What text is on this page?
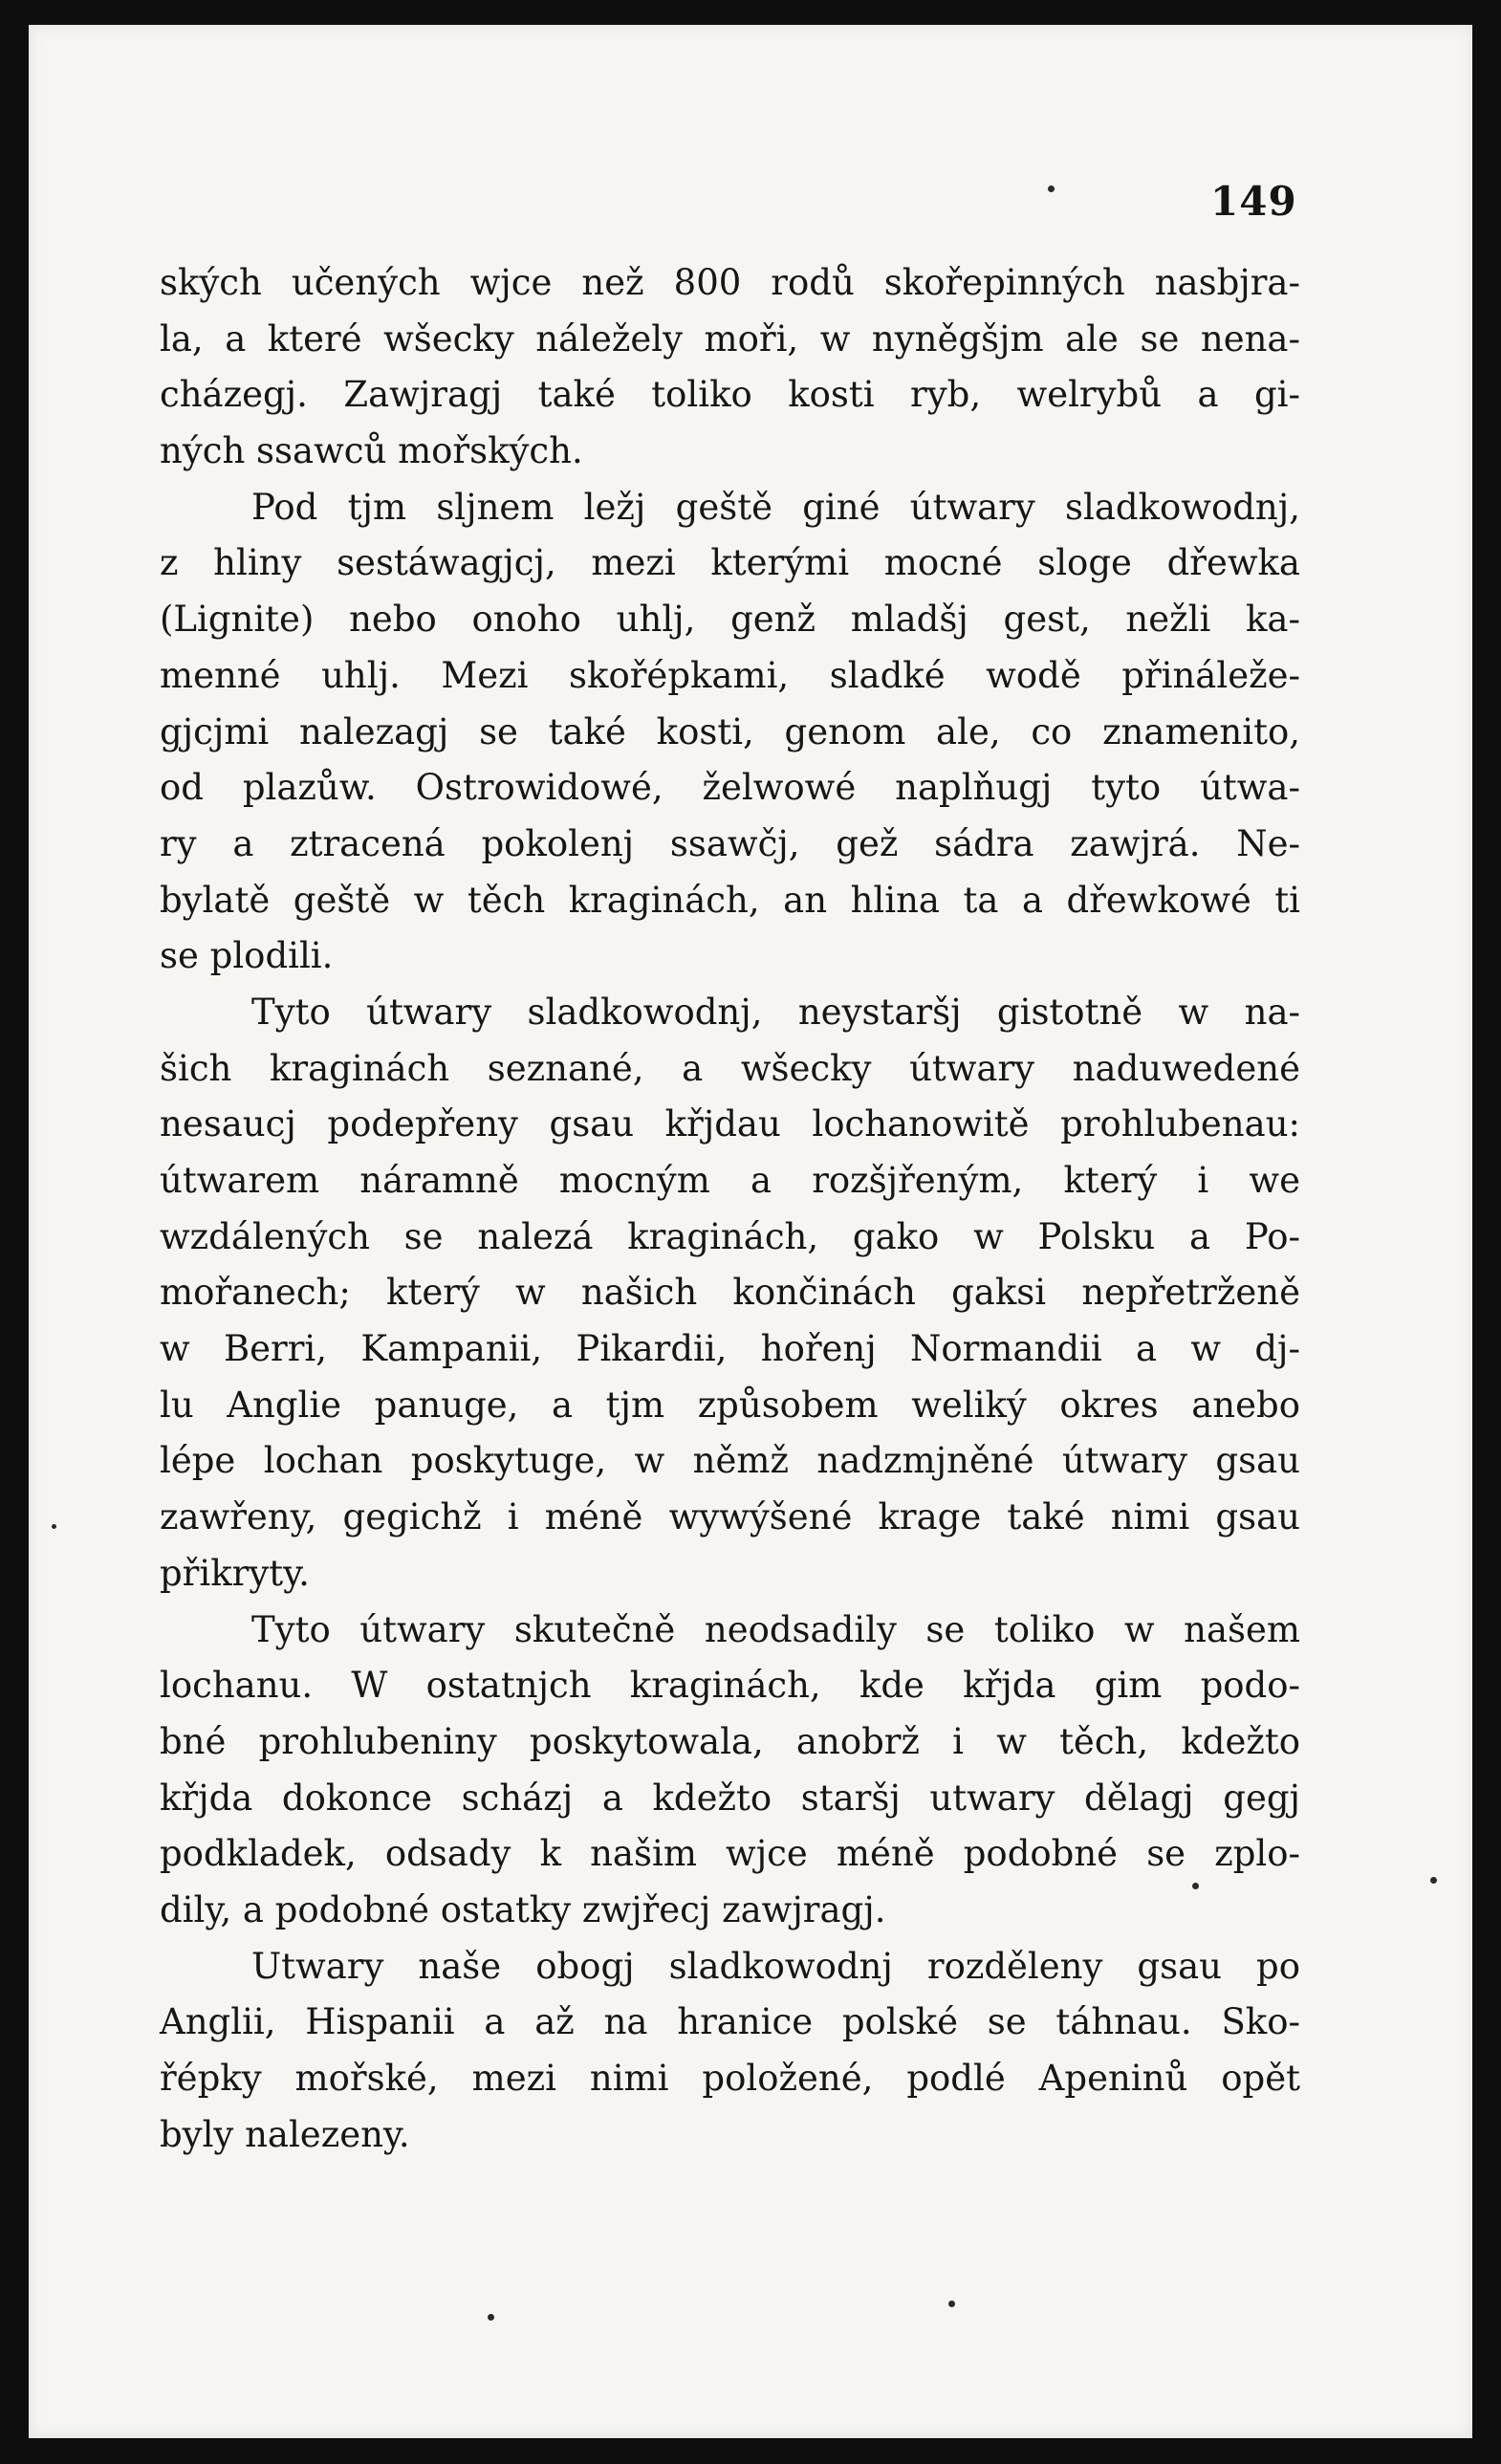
149
ských učených wjce než 800 rodů skořepinných nasbjra-
la, a které wšecky náležely moři, w nyněgšjm ale se nena-
cházegj. Zawjragj také toliko kosti ryb, welrybů a gi-
ných ssawců mořských.
Pod tjm slјnem ležj geště giné útwary sladkowodnj,
z hliny sestáwagjcj, mezi kterými mocné sloge dřewka
(Lignite) nebo onoho uhlj, genž mladšj gest, nežli ka-
menné uhlj. Mezi skořépkami, sladké wodě přináleže-
gjcjmi nalezagj se také kosti, genom ale, co znamenito,
od plazůw. Ostrowidowé, želwowé naplňugj tyto útwa-
ry a ztracená pokolenj ssawčj, gež sádra zawjrá. Ne-
bylatě geště w těch kraginách, an hlina ta a dřewkowé ti
se plodili.
Tyto útwary sladkowodnj, neystaršj gistotně w na-
šich kraginách seznané, a wšecky útwary naduwedené
nesaucj podepřeny gsau křjdau lochanowitě prohlubenau:
útwarem náramně mocným a rozšjřeným, který i we
wzdálených se nalezá kraginách, gako w Polsku a Po-
mořanech; který w našich končinách gaksi nepřetrženě
w Berri, Kampanii, Pikardii, hořenj Normandii a w dj-
lu Anglie panuge, a tjm způsobem weliký okres anebo
lépe lochan poskytuge, w němž nadzmjněné útwary gsau
zawřeny, gegichž i méně wywýšené krage také nimi gsau
přikryty.
Tyto útwary skutečně neodsadily se toliko w našem
lochanu. W ostatnjch kraginách, kde křjda gim podo-
bné prohlubeniny poskytowala, anobrž i w těch, kdežto
křjda dokonce scházj a kdežto staršj utwary dělagj gegj
podkladek, odsady k našim wjce méně podobné se zplo-
dily, a podobné ostatky zwjřecj zawjragj.
Utwary naše obogj sladkowodnj rozděleny gsau po
Anglii, Hispanii a až na hranice polské se táhnau. Sko-
řépky mořské, mezi nimi položené, podlé Apeninů opět
byly nalezeny.
